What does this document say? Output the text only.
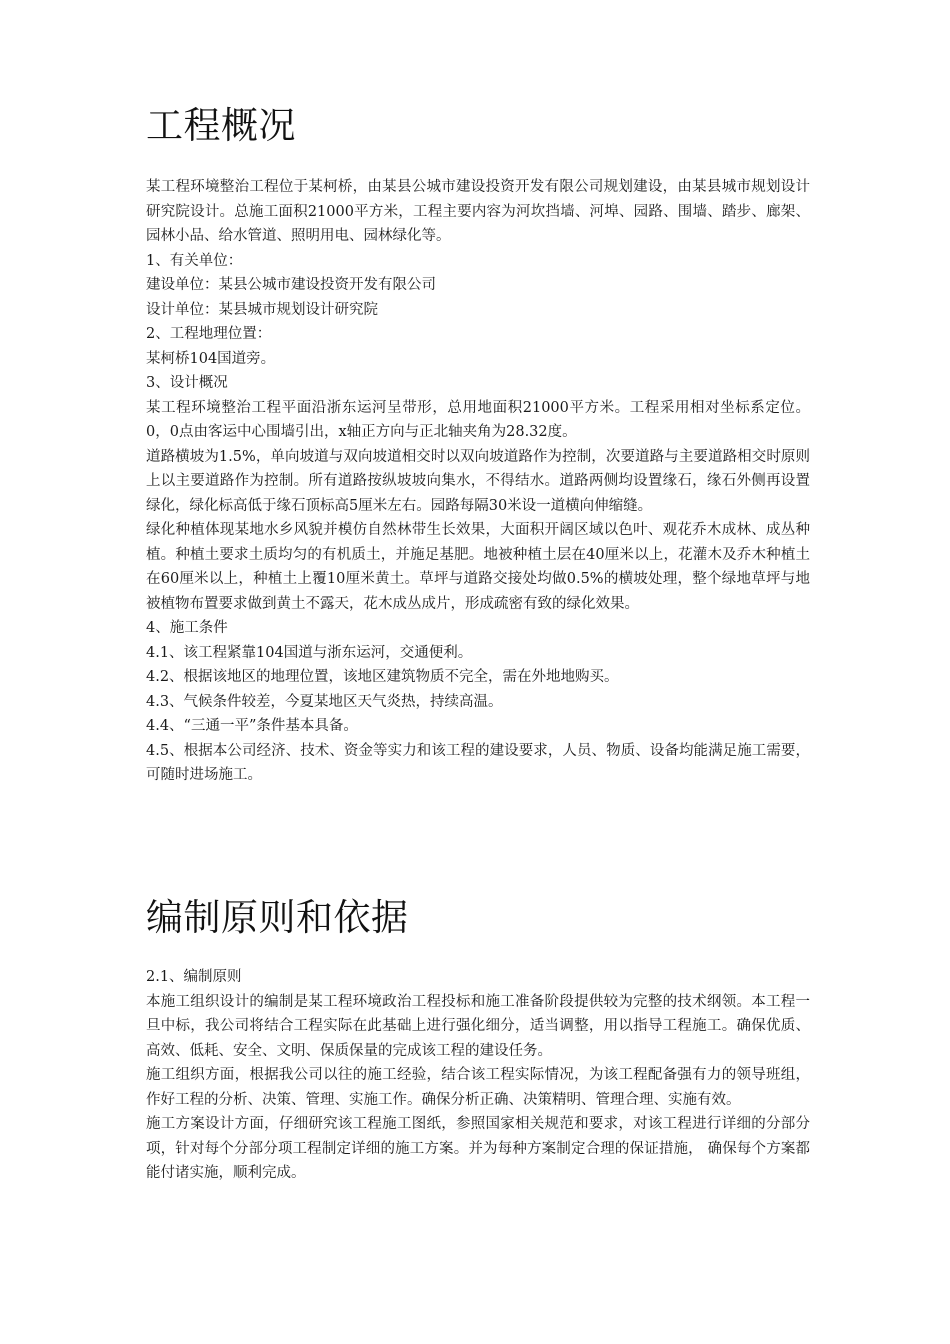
工程概况

某工程环境整治工程位于某柯桥，由某县公城市建设投资开发有限公司规划建设，由某县城市规划设计研究院设计。总施工面积21000平方米，工程主要内容为河坎挡墙、河埠、园路、围墙、踏步、廊架、园林小品、给水管道、照明用电、园林绿化等。

1、有关单位：

建设单位：某县公城市建设投资开发有限公司

设计单位：某县城市规划设计研究院

2、工程地理位置：

某柯桥104国道旁。

3、设计概况

某工程环境整治工程平面沿浙东运河呈带形，总用地面积21000平方米。工程采用相对坐标系定位。0，0点由客运中心围墙引出，x轴正方向与正北轴夹角为28.32度。

道路横坡为1.5%，单向坡道与双向坡道相交时以双向坡道路作为控制，次要道路与主要道路相交时原则上以主要道路作为控制。所有道路按纵坡坡向集水，不得结水。道路两侧均设置缘石，缘石外侧再设置绿化，绿化标高低于缘石顶标高5厘米左右。园路每隔30米设一道横向伸缩缝。

绿化种植体现某地水乡风貌并模仿自然林带生长效果，大面积开阔区域以色叶、观花乔木成林、成丛种植。种植土要求土质均匀的有机质土，并施足基肥。地被种植土层在40厘米以上，花灌木及乔木种植土在60厘米以上，种植土上覆10厘米黄土。草坪与道路交接处均做0.5%的横坡处理，整个绿地草坪与地被植物布置要求做到黄土不露天，花木成丛成片，形成疏密有致的绿化效果。

4、施工条件

4.1、该工程紧靠104国道与浙东运河，交通便利。

4.2、根据该地区的地理位置，该地区建筑物质不完全，需在外地地购买。

4.3、气候条件较差，今夏某地区天气炎热，持续高温。

4.4、“三通一平”条件基本具备。

4.5、根据本公司经济、技术、资金等实力和该工程的建设要求，人员、物质、设备均能满足施工需要，可随时进场施工。

编制原则和依据

2.1、编制原则

本施工组织设计的编制是某工程环境政治工程投标和施工准备阶段提供较为完整的技术纲领。本工程一旦中标，我公司将结合工程实际在此基础上进行强化细分，适当调整，用以指导工程施工。确保优质、高效、低耗、安全、文明、保质保量的完成该工程的建设任务。

施工组织方面，根据我公司以往的施工经验，结合该工程实际情况，为该工程配备强有力的领导班组，作好工程的分析、决策、管理、实施工作。确保分析正确、决策精明、管理合理、实施有效。

施工方案设计方面，仔细研究该工程施工图纸，参照国家相关规范和要求，对该工程进行详细的分部分项，针对每个分部分项工程制定详细的施工方案。并为每种方案制定合理的保证措施， 确保每个方案都能付诸实施，顺利完成。
